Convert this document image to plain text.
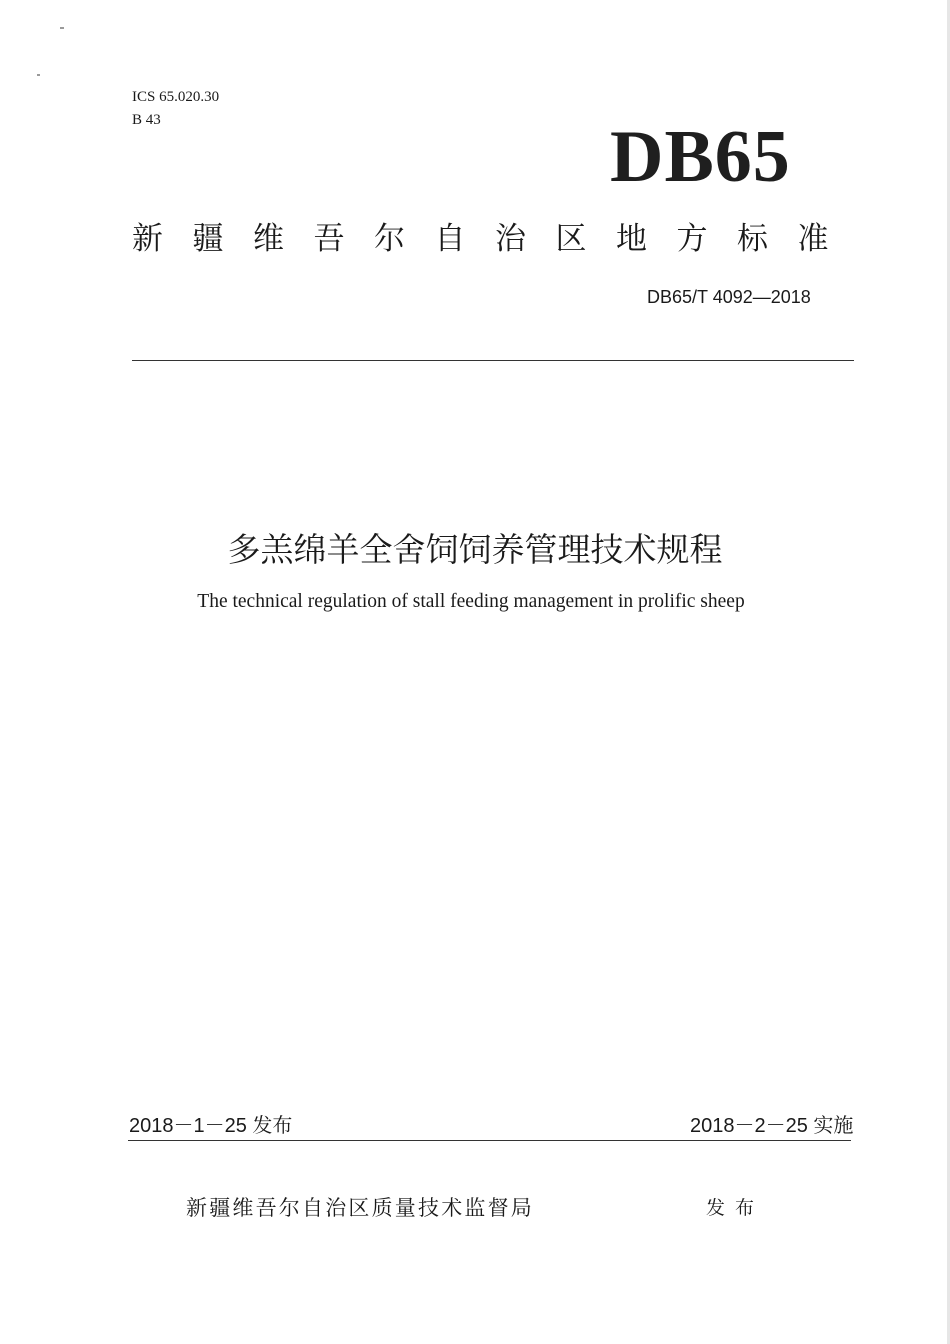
ICS 65.020.30
B 43	DB65
新疆维吾尔自治区地方标准
DB65/T 4092—2018
多羔绵羊全舍饲饲养管理技术规程
The technical regulation of stall feeding management in prolific sheep
2018－1－25 发布	2018－2－25 实施
新疆维吾尔自治区质量技术监督局	发布
